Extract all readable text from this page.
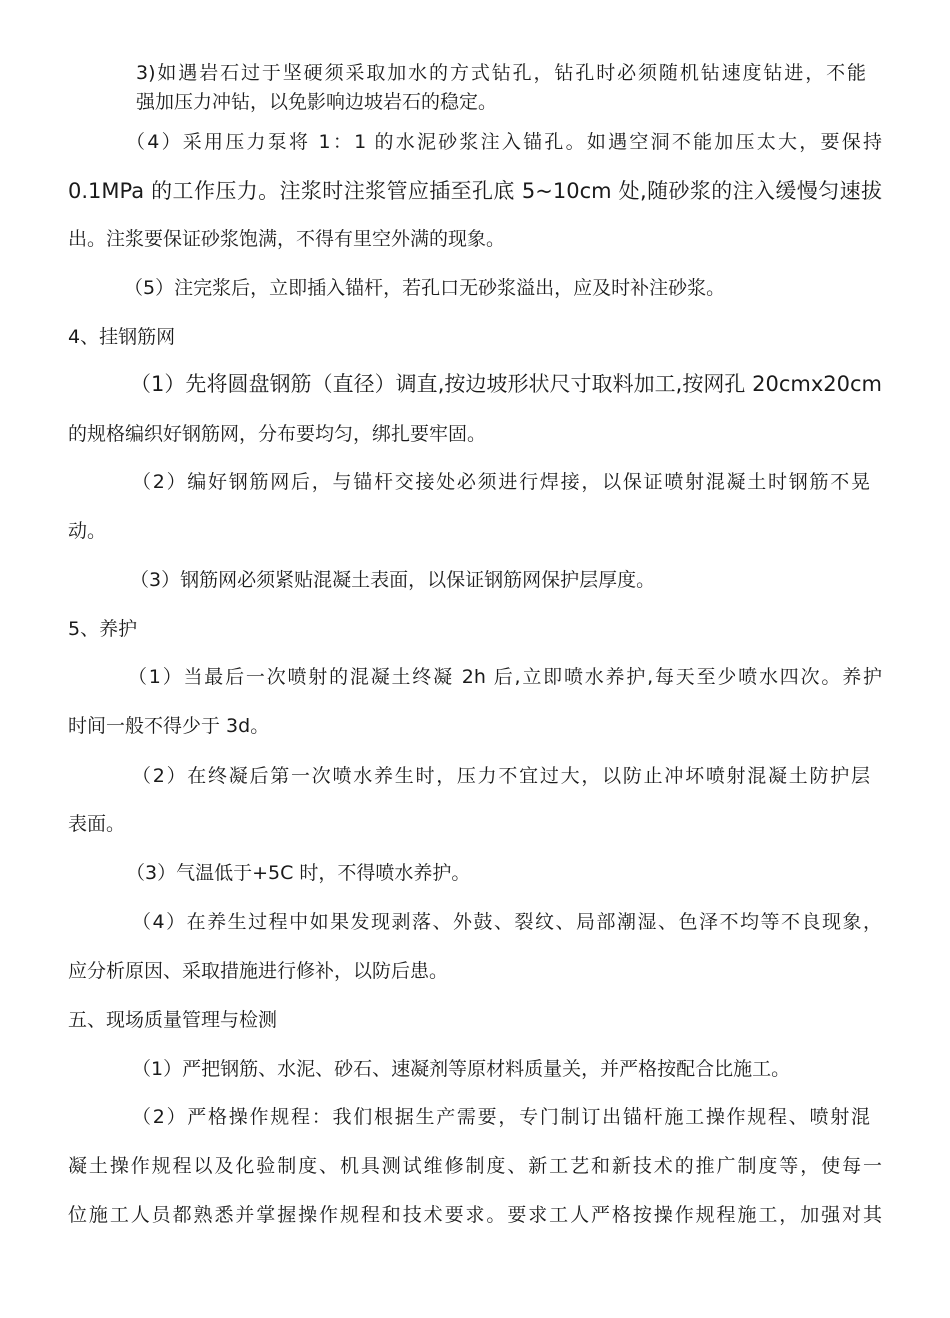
3)如遇岩石过于坚硬须采取加水的方式钻孔，钻孔时必须随机钻速度钻进，不能
强加压力冲钻，以免影响边坡岩石的稳定。
（4）采用压力泵将 1：1 的水泥砂浆注入锚孔。如遇空洞不能加压太大，要保持
0.1MPa 的工作压力。注浆时注浆管应插至孔底 5~10cm 处,随砂浆的注入缓慢匀速拔
出。注浆要保证砂浆饱满，不得有里空外满的现象。
（5）注完浆后，立即插入锚杆，若孔口无砂浆溢出，应及时补注砂浆。
4、挂钢筋网
（1）先将圆盘钢筋（直径）调直,按边坡形状尺寸取料加工,按网孔 20cmx20cm
的规格编织好钢筋网，分布要均匀，绑扎要牢固。
（2）编好钢筋网后，与锚杆交接处必须进行焊接，以保证喷射混凝土时钢筋不晃
动。
（3）钢筋网必须紧贴混凝土表面，以保证钢筋网保护层厚度。
5、养护
（1）当最后一次喷射的混凝土终凝 2h 后,立即喷水养护,每天至少喷水四次。养护
时间一般不得少于 3d。
（2）在终凝后第一次喷水养生时，压力不宜过大，以防止冲坏喷射混凝土防护层
表面。
（3）气温低于+5C 时，不得喷水养护。
（4）在养生过程中如果发现剥落、外鼓、裂纹、局部潮湿、色泽不均等不良现象，
应分析原因、采取措施进行修补，以防后患。
五、现场质量管理与检测
（1）严把钢筋、水泥、砂石、速凝剂等原材料质量关，并严格按配合比施工。
（2）严格操作规程：我们根据生产需要，专门制订出锚杆施工操作规程、喷射混
凝土操作规程以及化验制度、机具测试维修制度、新工艺和新技术的推广制度等，使每一
位施工人员都熟悉并掌握操作规程和技术要求。要求工人严格按操作规程施工，加强对其
